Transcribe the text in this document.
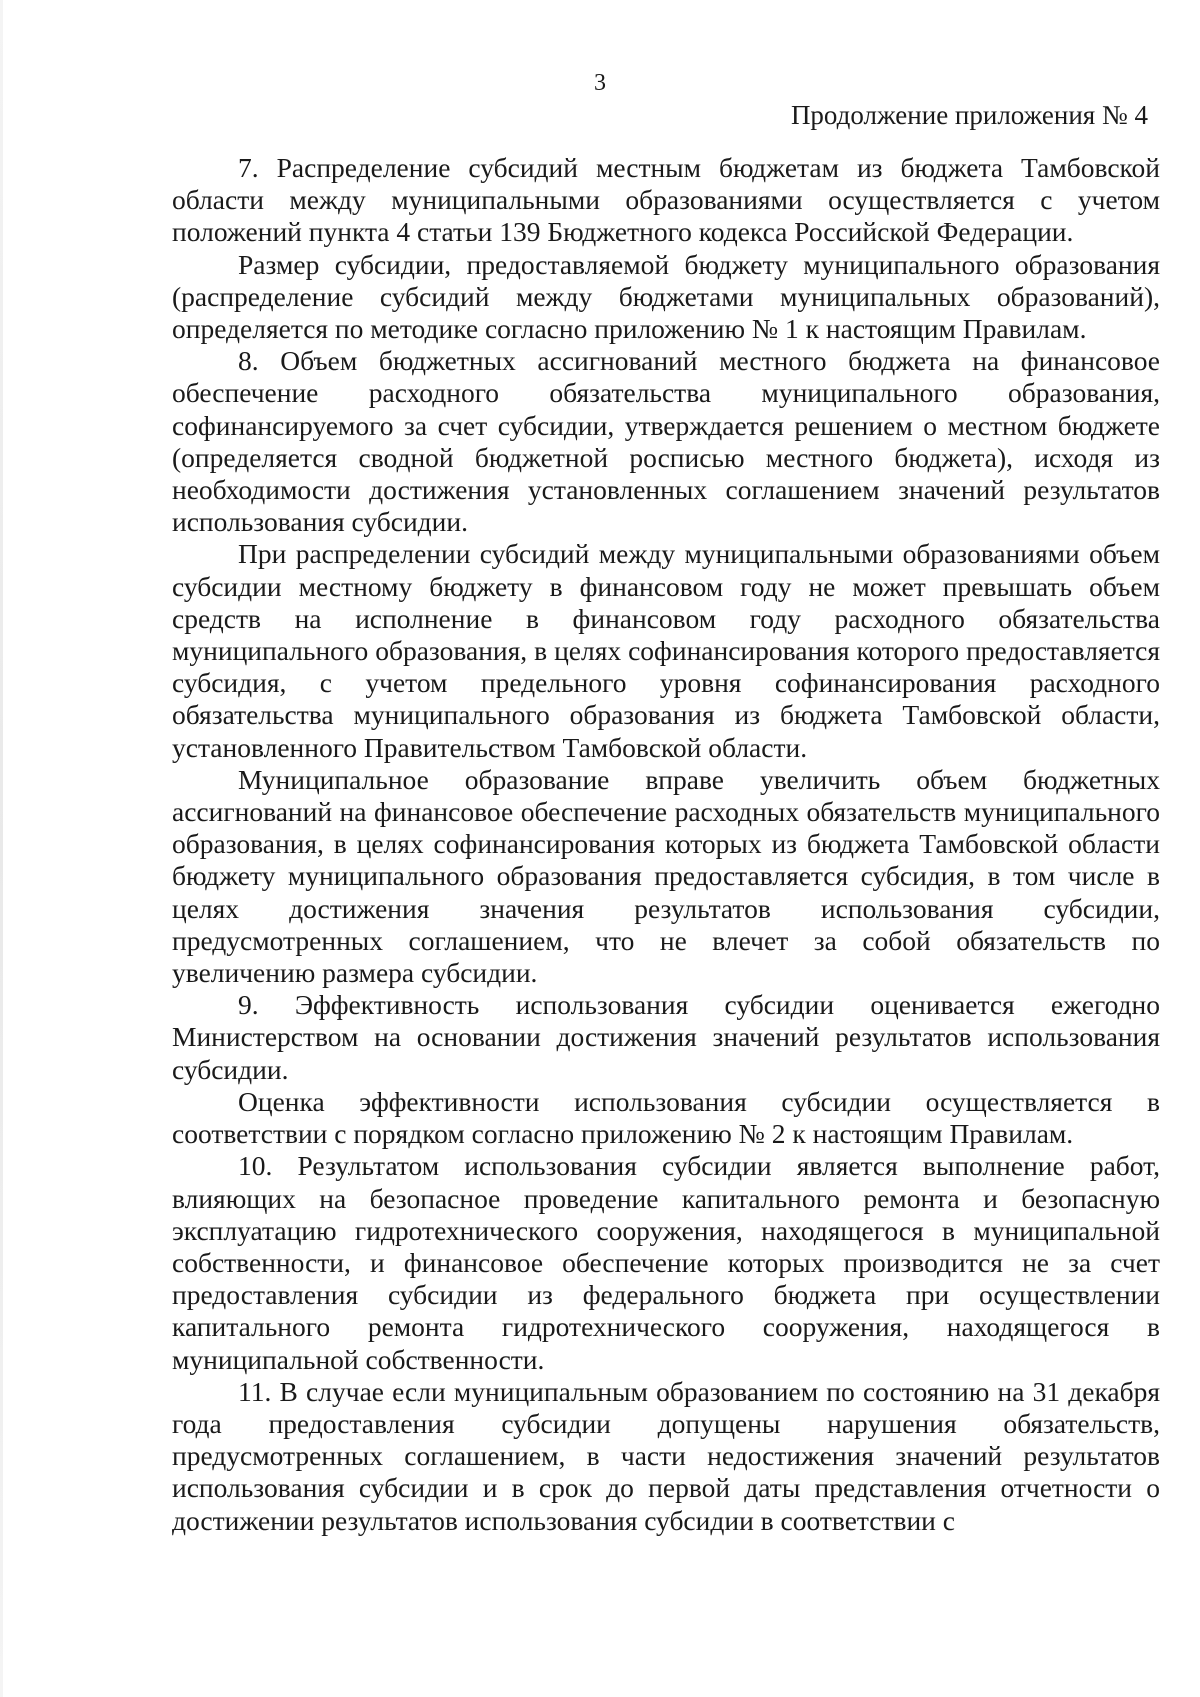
3
Продолжение приложения № 4

7. Распределение субсидий местным бюджетам из бюджета Тамбовской области между муниципальными образованиями осуществляется с учетом положений пункта 4 статьи 139 Бюджетного кодекса Российской Федерации.

Размер субсидии, предоставляемой бюджету муниципального образования (распределение субсидий между бюджетами муниципальных образований), определяется по методике согласно приложению № 1 к настоящим Правилам.

8. Объем бюджетных ассигнований местного бюджета на финансовое обеспечение расходного обязательства муниципального образования, софинансируемого за счет субсидии, утверждается решением о местном бюджете (определяется сводной бюджетной росписью местного бюджета), исходя из необходимости достижения установленных соглашением значений результатов использования субсидии.

При распределении субсидий между муниципальными образованиями объем субсидии местному бюджету в финансовом году не может превышать объем средств на исполнение в финансовом году расходного обязательства муниципального образования, в целях софинансирования которого предоставляется субсидия, с учетом предельного уровня софинансирования расходного обязательства муниципального образования из бюджета Тамбовской области, установленного Правительством Тамбовской области.

Муниципальное образование вправе увеличить объем бюджетных ассигнований на финансовое обеспечение расходных обязательств муниципального образования, в целях софинансирования которых из бюджета Тамбовской области бюджету муниципального образования предоставляется субсидия, в том числе в целях достижения значения результатов использования субсидии, предусмотренных соглашением, что не влечет за собой обязательств по увеличению размера субсидии.

9. Эффективность использования субсидии оценивается ежегодно Министерством на основании достижения значений результатов использования субсидии.

Оценка эффективности использования субсидии осуществляется в соответствии с порядком согласно приложению № 2 к настоящим Правилам.

10. Результатом использования субсидии является выполнение работ, влияющих на безопасное проведение капитального ремонта и безопасную эксплуатацию гидротехнического сооружения, находящегося в муниципальной собственности, и финансовое обеспечение которых производится не за счет предоставления субсидии из федерального бюджета при осуществлении капитального ремонта гидротехнического сооружения, находящегося в муниципальной собственности.

11. В случае если муниципальным образованием по состоянию на 31 декабря года предоставления субсидии допущены нарушения обязательств, предусмотренных соглашением, в части недостижения значений результатов использования субсидии и в срок до первой даты представления отчетности о достижении результатов использования субсидии в соответствии с
